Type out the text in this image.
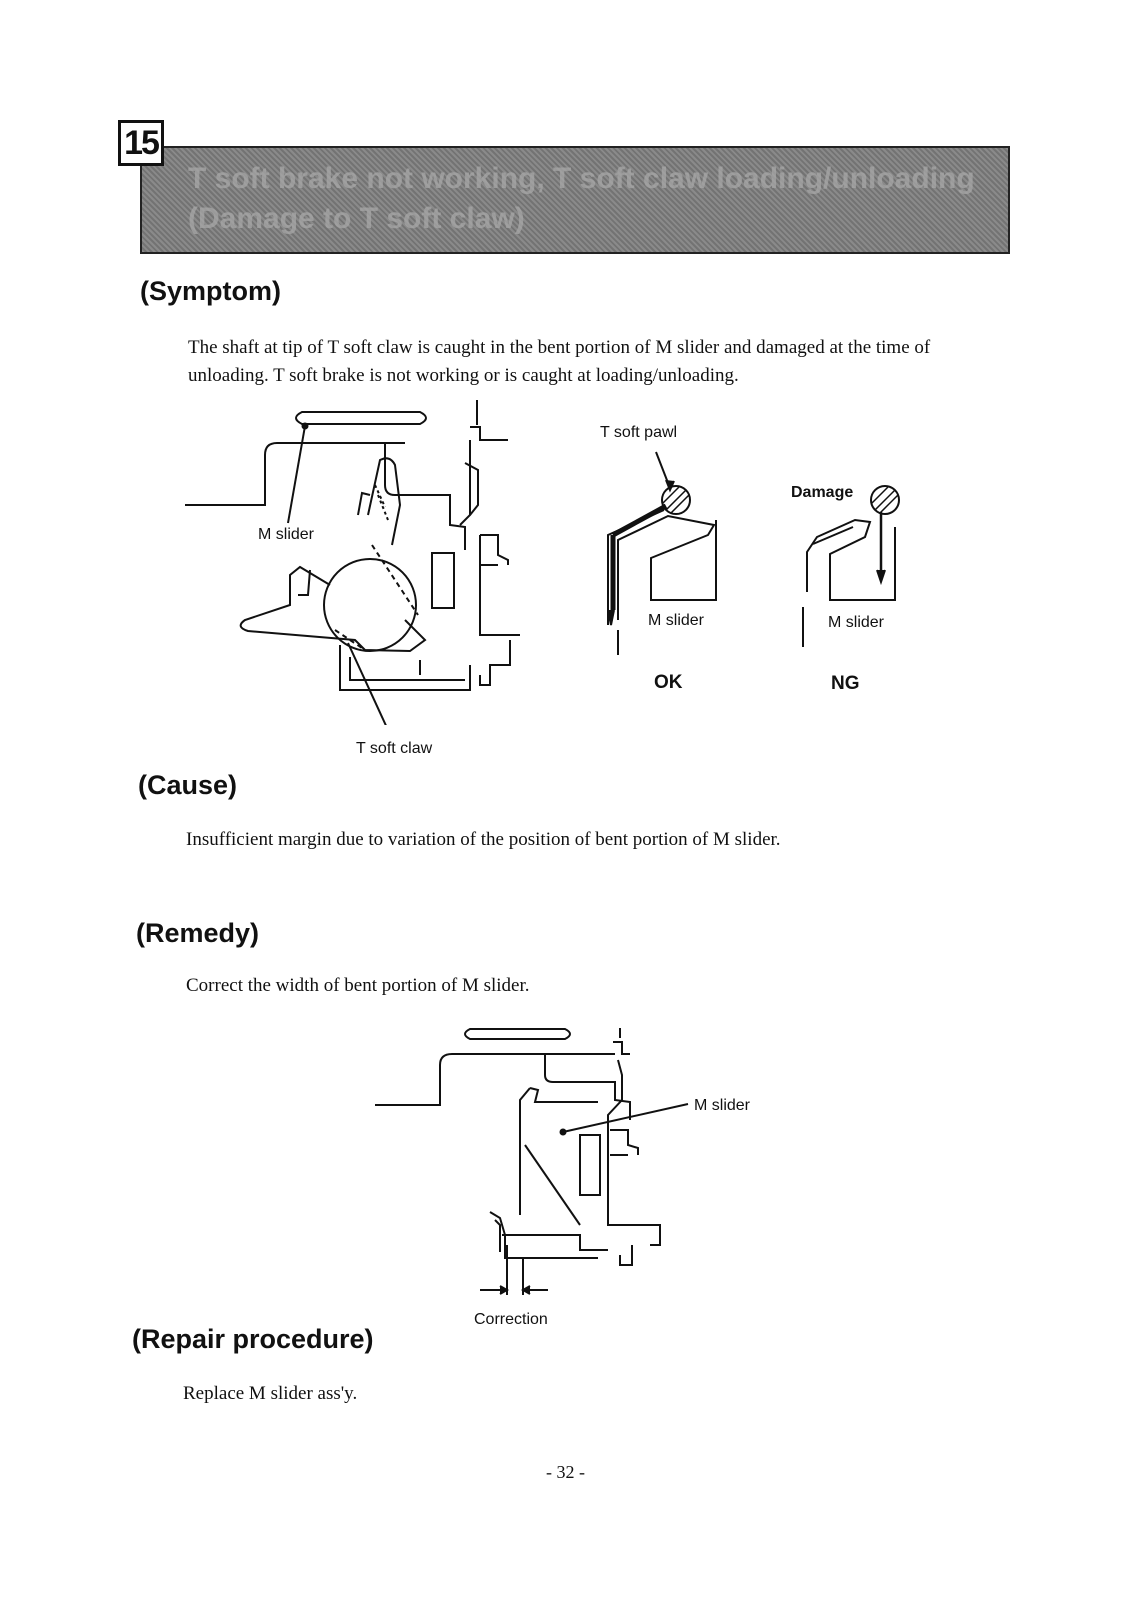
T soft brake not working, T soft claw loading/unloading
(Damage to T soft claw)
15
(Symptom)
The shaft at tip of T soft claw is caught in the bent portion of M slider and damaged at the time of unloading. T soft brake is not working or is caught at loading/unloading.
M slider
T soft claw
T soft pawl
M slider
OK
Damage
M slider
NG
(Cause)
Insufficient margin due to variation of the position of bent portion of M slider.
(Remedy)
Correct the width of bent portion of M slider.
M slider
Correction
(Repair procedure)
Replace M slider ass'y.
- 32 -
